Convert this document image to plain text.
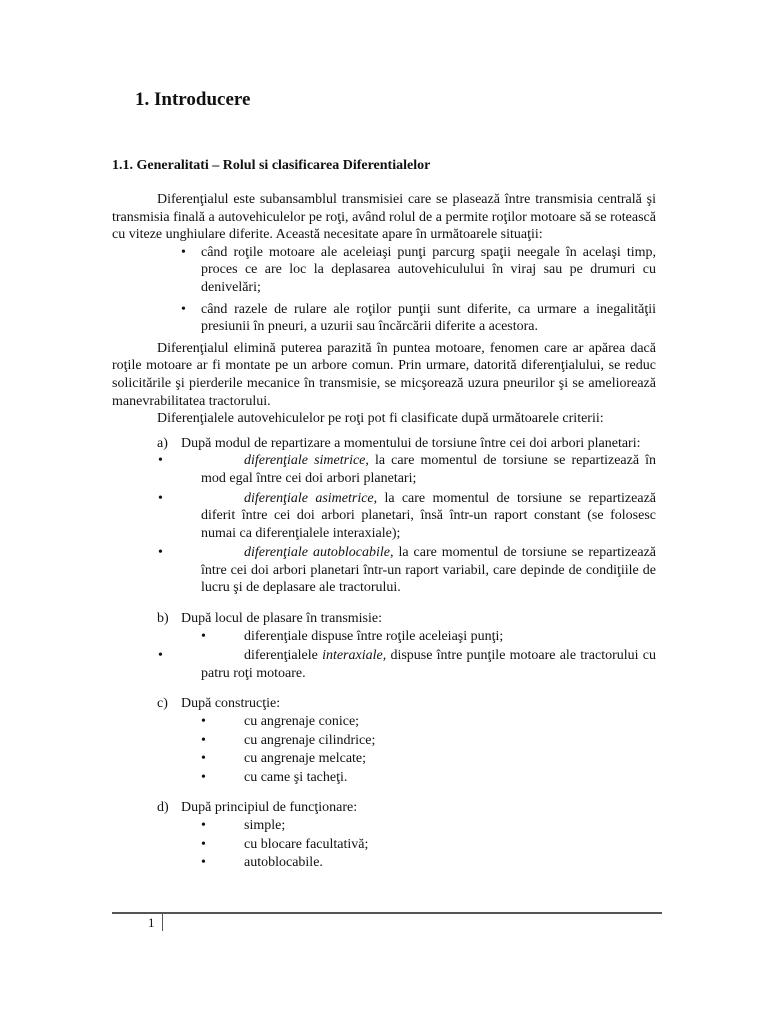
1. Introducere
1.1. Generalitati – Rolul si clasificarea Diferentialelor

Diferenţialul este subansamblul transmisiei care se plasează între transmisia centrală şi transmisia finală a autovehiculelor pe roţi, având rolul de a permite roţilor motoare să se rotească cu viteze unghiulare diferite. Această necesitate apare în următoarele situaţii:

• când roţile motoare ale aceleiaşi punţi parcurg spaţii neegale în acelaşi timp, proces ce are loc la deplasarea autovehiculului în viraj sau pe drumuri cu denivelări;
• când razele de rulare ale roţilor punţii sunt diferite, ca urmare a inegalităţii presiunii în pneuri, a uzurii sau încărcării diferite a acestora.

Diferenţialul elimină puterea parazită în puntea motoare, fenomen care ar apărea dacă roţile motoare ar fi montate pe un arbore comun. Prin urmare, datorită diferenţialului, se reduc solicitările şi pierderile mecanice în transmisie, se micşorează uzura pneurilor şi se ameliorează manevrabilitatea tractorului.

Diferenţialele autovehiculelor pe roţi pot fi clasificate după următoarele criterii:

a) După modul de repartizare a momentului de torsiune între cei doi arbori planetari:
•	diferenţiale simetrice, la care momentul de torsiune se repartizează în mod egal între cei doi arbori planetari;
•	diferenţiale asimetrice, la care momentul de torsiune se repartizează diferit între cei doi arbori planetari, însă într-un raport constant (se folosesc numai ca diferenţialele interaxiale);
•	diferenţiale autoblocabile, la care momentul de torsiune se repartizează între cei doi arbori planetari într-un raport variabil, care depinde de condiţiile de lucru şi de deplasare ale tractorului.
b) După locul de plasare în transmisie:
•	diferenţiale dispuse între roţile aceleiaşi punţi;
•	diferenţialele interaxiale, dispuse între punţile motoare ale tractorului cu patru roţi motoare.
c) După construcţie:
•	cu angrenaje conice;
•	cu angrenaje cilindrice;
•	cu angrenaje melcate;
•	cu came şi tacheţi.
d) După principiul de funcţionare:
•	simple;
•	cu blocare facultativă;
•	autoblocabile.
1
